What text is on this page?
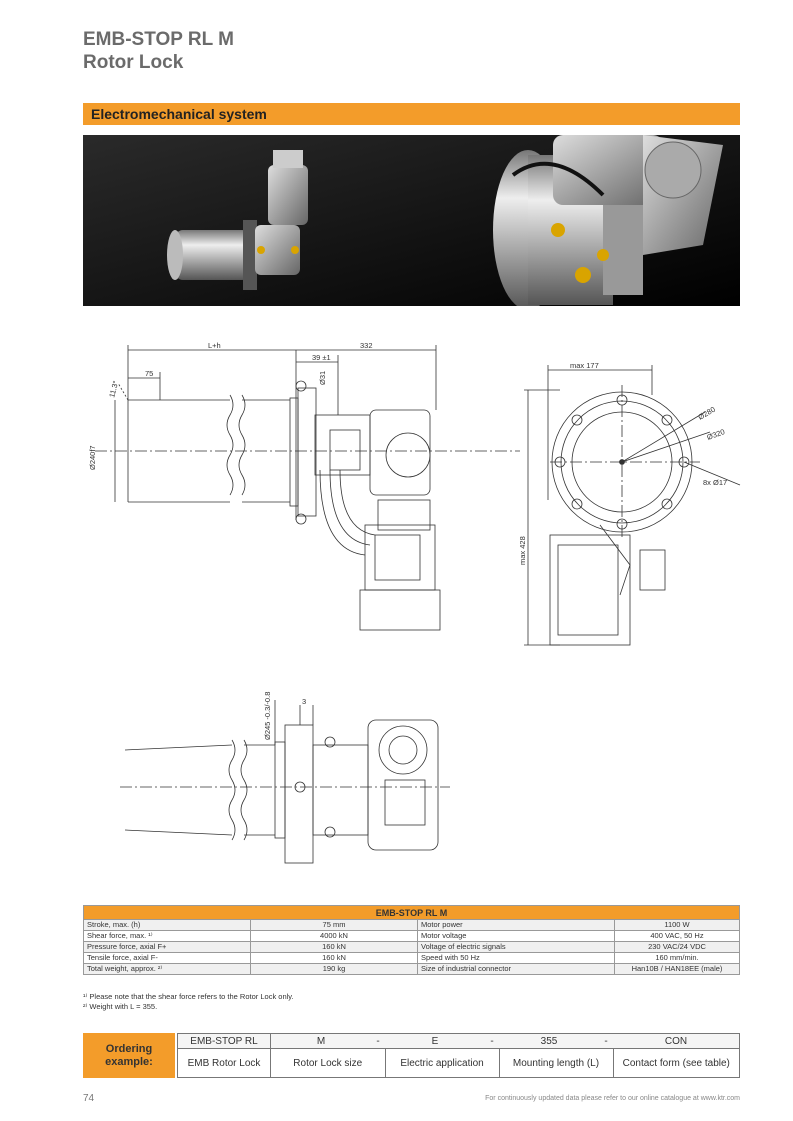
EMB-STOP RL M
Rotor Lock
Electromechanical system
L+h	332
39 ±1
75	Ø31
11.3°
Ø240f7
max 177
Ø280
Ø320
8x Ø17
max 428
3
Ø245 -0.3/-0.8
EMB-STOP RL M			
Stroke, max. (h)	75 mm	Motor power	1100 W
Shear force, max. ¹⁾	4000 kN	Motor voltage	400 VAC, 50 Hz
Pressure force, axial F+	160 kN	Voltage of electric signals	230 VAC/24 VDC
Tensile force, axial F-	160 kN	Speed with 50 Hz	160 mm/min.
Total weight, approx. ²⁾	190 kg	Size of industrial connector	Han10B / HAN18EE (male)
¹⁾ Please note that the shear force refers to the Rotor Lock only.
²⁾ Weight with L = 355.
Ordering
example:
EMB-STOP RL	M	-	E	-	355	-	CON
EMB Rotor Lock	Rotor Lock size		Electric application		Mounting length (L)		Contact form (see table)
74	For continuously updated data please refer to our online catalogue at www.ktr.com
